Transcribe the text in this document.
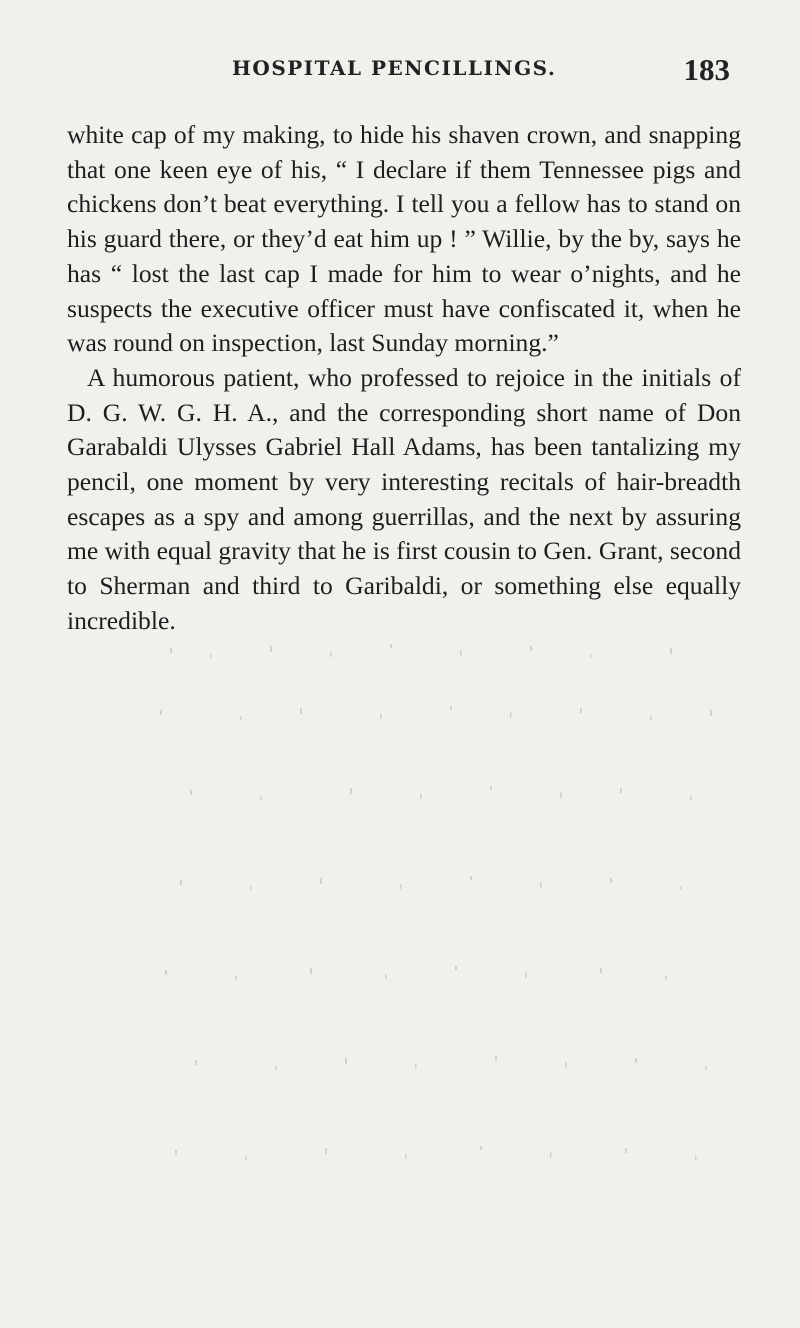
HOSPITAL PENCILLINGS.	183

white cap of my making, to hide his shaven crown, and snapping that one keen eye of his, “ I declare if them Tennessee pigs and chickens don’t beat everything. I tell you a fellow has to stand on his guard there, or they’d eat him up ! ” Willie, by the by, says he has “ lost the last cap I made for him to wear o’nights, and he suspects the executive officer must have confiscated it, when he was round on inspection, last Sunday morning.”

A humorous patient, who professed to rejoice in the initials of D. G. W. G. H. A., and the corresponding short name of Don Garabaldi Ulysses Gabriel Hall Adams, has been tantalizing my pencil, one moment by very interesting recitals of hair-breadth escapes as a spy and among guerrillas, and the next by assuring me with equal gravity that he is first cousin to Gen. Grant, second to Sherman and third to Garibaldi, or something else equally incredible.
